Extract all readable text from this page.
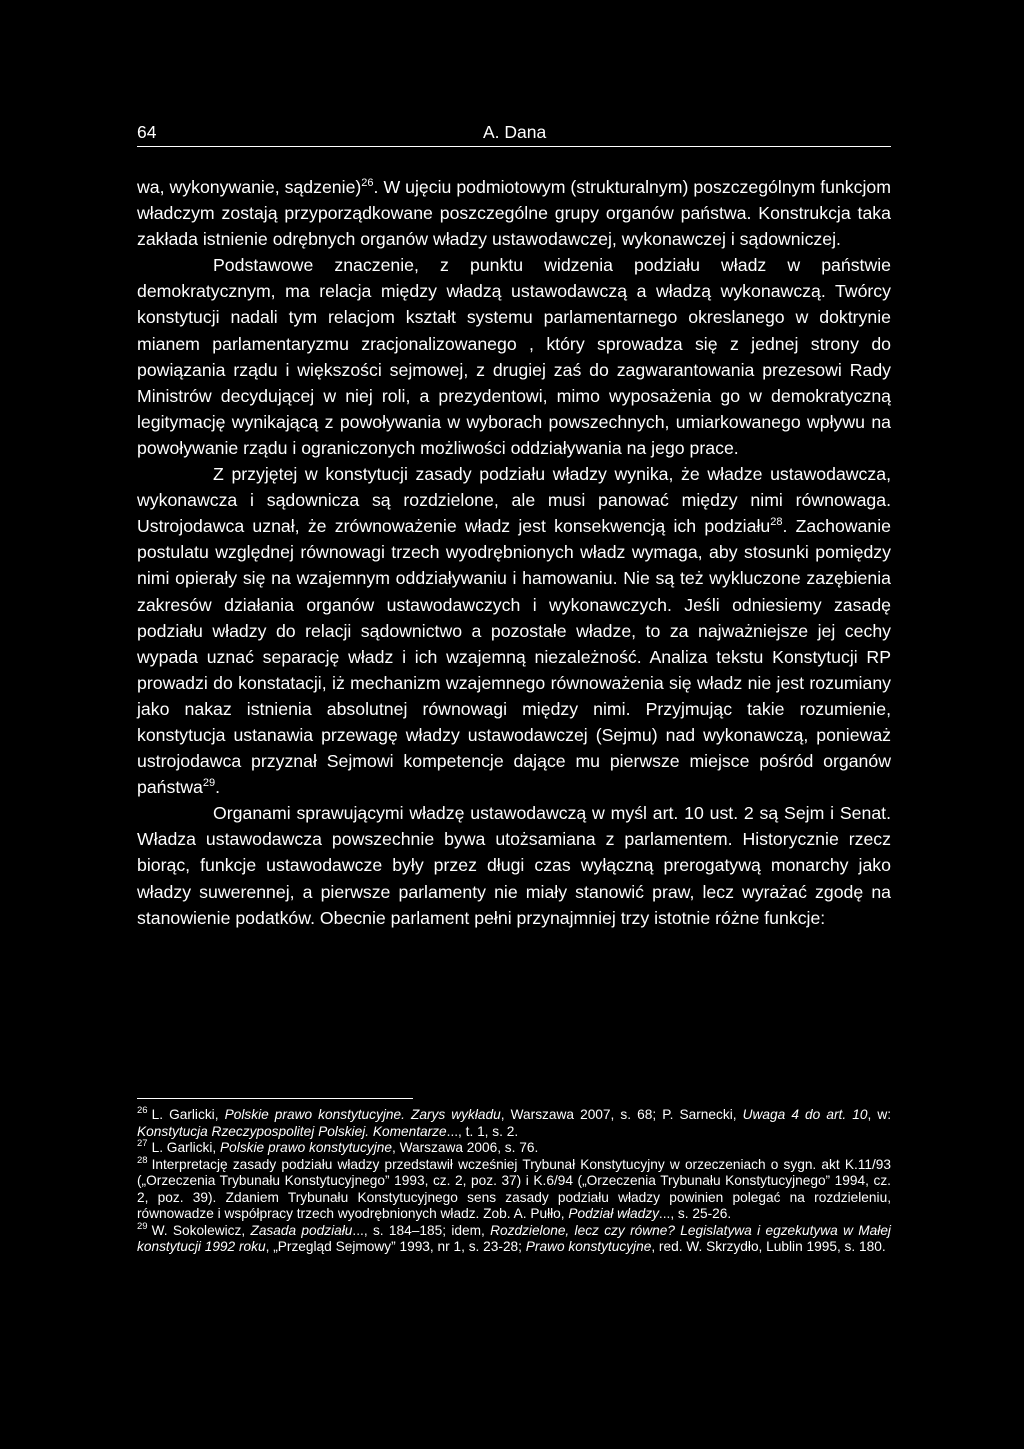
64	A. Dana

wa, wykonywanie, sądzenie)$^{26}$. W ujęciu podmiotowym (strukturalnym) poszczególnym funkcjom władczym zostają przyporządkowane poszczególne grupy organów państwa. Konstrukcja taka zakłada istnienie odrębnych organów władzy ustawodawczej, wykonawczej i sądowniczej.

Podstawowe znaczenie, z punktu widzenia podziału władz w państwie demokratycznym, ma relacja między władzą ustawodawczą a władzą wykonawczą. Twórcy konstytucji nadali tym relacjom kształt systemu parlamentarnego okreslanego w doktrynie mianem parlamentaryzmu zracjonalizowanego , który sprowadza się z jednej strony do powiązania rządu i większości sejmowej, z drugiej zaś do zagwarantowania prezesowi Rady Ministrów decydującej w niej roli, a prezydentowi, mimo wyposażenia go w demokratyczną legitymację wynikającą z powoływania w wyborach powszechnych, umiarkowanego wpływu na powoływanie rządu i ograniczonych możliwości oddziaływania na jego prace.

Z przyjętej w konstytucji zasady podziału władzy wynika, że władze ustawodawcza, wykonawcza i sądownicza są rozdzielone, ale musi panować między nimi równowaga. Ustrojodawca uznał, że zrównoważenie władz jest konsekwencją ich podziału$^{28}$. Zachowanie postulatu względnej równowagi trzech wyodrębnionych władz wymaga, aby stosunki pomiędzy nimi opierały się na wzajemnym oddziaływaniu i hamowaniu. Nie są też wykluczone zazębienia zakresów działania organów ustawodawczych i wykonawczych. Jeśli odniesiemy zasadę podziału władzy do relacji sądownictwo a pozostałe władze, to za najważniejsze jej cechy wypada uznać separację władz i ich wzajemną niezależność. Analiza tekstu Konstytucji RP prowadzi do konstatacji, iż mechanizm wzajemnego równoważenia się władz nie jest rozumiany jako nakaz istnienia absolutnej równowagi między nimi. Przyjmując takie rozumienie, konstytucja ustanawia przewagę władzy ustawodawczej (Sejmu) nad wykonawczą, ponieważ ustrojodawca przyznał Sejmowi kompetencje dające mu pierwsze miejsce pośród organów państwa$^{29}$.

Organami sprawującymi władzę ustawodawczą w myśl art. 10 ust. 2 są Sejm i Senat. Władza ustawodawcza powszechnie bywa utożsamiana z parlamentem. Historycznie rzecz biorąc, funkcje ustawodawcze były przez długi czas wyłączną prerogatywą monarchy jako władzy suwerennej, a pierwsze parlamenty nie miały stanowić praw, lecz wyrażać zgodę na stanowienie podatków. Obecnie parlament pełni przynajmniej trzy istotnie różne funkcje:

$^{26}$ L. Garlicki, Polskie prawo konstytucyjne. Zarys wykładu, Warszawa 2007, s. 68; P. Sarnecki, Uwaga 4 do art. 10, w: Konstytucja Rzeczypospolitej Polskiej. Komentarze..., t. 1, s. 2.

$^{27}$ L. Garlicki, Polskie prawo konstytucyjne, Warszawa 2006, s. 76.

$^{28}$ Interpretację zasady podziału władzy przedstawił wcześniej Trybunał Konstytucyjny w orzeczeniach o sygn. akt K.11/93 („Orzeczenia Trybunału Konstytucyjnego” 1993, cz. 2, poz. 37) i K.6/94 („Orzeczenia Trybunału Konstytucyjnego” 1994, cz. 2, poz. 39). Zdaniem Trybunału Konstytucyjnego sens zasady podziału władzy powinien polegać na rozdzieleniu, równowadze i współpracy trzech wyodrębnionych władz. Zob. A. Pułło, Podział władzy..., s. 25-26.

$^{29}$ W. Sokolewicz, Zasada podziału..., s. 184–185; idem, Rozdzielone, lecz czy równe? Legislatywa i egzekutywa w Małej konstytucji 1992 roku, „Przegląd Sejmowy” 1993, nr 1, s. 23-28; Prawo konstytucyjne, red. W. Skrzydło, Lublin 1995, s. 180.
